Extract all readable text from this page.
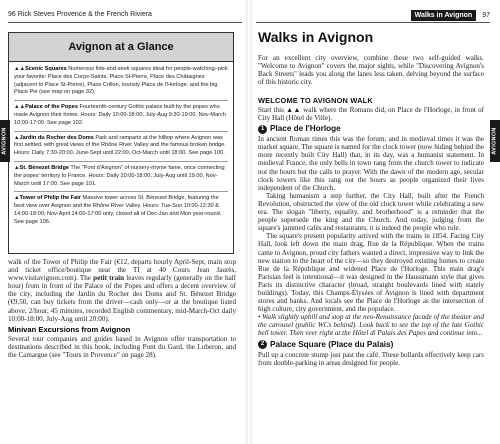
96 Rick Steves Provence & the French Riviera
Avignon at a Glance
▲▲Scenic Squares Numerous fide-and-seek squares ideal for people-watching–pick your favorite: Place des Corps-Saints, Place St-Pierre, Place des Châtaignes (adjacent to Place St-Pierre), Place Crillon, touristy Place de l'Horloge, and the big Place Pie (see map on page 92).
▲▲Palace of the Popes Fourteenth-century Gothic palace built by the popes who made Avignon their home. Hours: Daily 10:00-18:00, July-Aug 9:30-19:00, Nov-March 10:00-17:00. See page 102.
▲Jardin du Rocher des Doms Park and ramparts at the hilltop where Avignon was first settled, with great views of the Rhône River Valley and the famous broken bridge. Hours: Daily 7:30-20:00, June-Sept until 22:00, Oct-March until 18:00. See page 100.
▲St. Bénezet Bridge The "Pont d'Avignon" of nursery-rhyme fame, once connecting the popes' territory to France. Hours: Daily 10:00-18:00, July-Aug until 19:00, Nov-March until 17:00. See page 101.
▲Tower of Philip the Fair Massive tower across St. Bénezet Bridge, featuring the best view over Avignon and the Rhône River Valley. Hours: Tue-Sun 10:00-12:30 & 14:00-18:00; Nov-April 14:00-17:00 only, closed all of Dec-Jan and Mon year-round. See page 106.
AVIGNON

walk of the Tower of Philip the Fair (€12, departs hourly April-Sept, main stop and ticket office/boutique near the TI at 40 Cours Jean Jaurès, www.visitavignon.com). The petit train leaves regularly (generally on the half hour) from in front of the Palace of the Popes and offers a decent overview of the city, including the Jardin du Rocher des Doms and St. Bénezet Bridge (€9.50, can buy tickets from the driver—cash only—or at the boutique listed above, 2/hour, 45 minutes, recorded English commentary, mid-March-Oct daily 10:00-18:00, July-Aug until 20:00).

Minivan Excursions from Avignon

Several tour companies and guides based in Avignon offer transportation to destinations described in this book, including Pont du Gard, the Luberon, and the Camargue (see "Tours in Provence" on page 28).

Walks in Avignon 97
AVIGNON
Walks in Avignon

For an excellent city overview, combine these two self-guided walks. "Welcome to Avignon" covers the major sights, while "Discovering Avignon's Back Streets" leads you along the lanes less taken, delving beyond the surface of this historic city.

WELCOME TO AVIGNON WALK

Start this ▲▲ walk where the Romans did, on Place de l'Horloge, in front of City Hall (Hôtel de Ville).

1 Place de l'Horloge

In ancient Roman times this was the forum, and in medieval times it was the market square. The square is named for the clock tower (now hiding behind the more recently built City Hall) that, in its day, was a humanist statement. In medieval France, the only bells in town rang from the church tower to indicate not the hours but the calls to prayer. With the dawn of the modern age, secular clock towers like this rang out the hours as people organized their lives independent of the Church.

Taking humanism a step further, the City Hall, built after the French Revolution, obstructed the view of the old clock tower while celebrating a new era. The slogan "liberty, equality, and brotherhood" is a reminder that the people supersede the king and the Church. And today, judging from the square's jammed cafés and restaurants, it is indeed the people who rule.

The square's present popularity arrived with the trains in 1854. Facing City Hall, look left down the main drag, Rue de la République. When the trains came to Avignon, proud city fathers wanted a direct, impressive way to link the new station to the heart of the city—so they destroyed existing homes to create Rue de la République and widened Place de l'Horloge. This main drag's Parisian feel is intentional—it was designed in the Haussmann style that gives Paris its distinctive character (broad, straight boulevards lined with stately buildings). Today, this Champs-Élysées of Avignon is lined with department stores and banks. And locals see the Place de l'Horloge as the intersection of high culture, city government, and the populace.

• Walk slightly uphill and stop at the neo-Renaissance facade of the theater and the carousel (public WCs behind). Look back to see the top of the late Gothic bell tower. Then veer right at the Hôtel di Palais des Papes and continue into...

2 Palace Square (Place du Palais)

Pull up a concrete stump just past the café. These bollards effectively keep cars from double-parking in areas designed for people.
